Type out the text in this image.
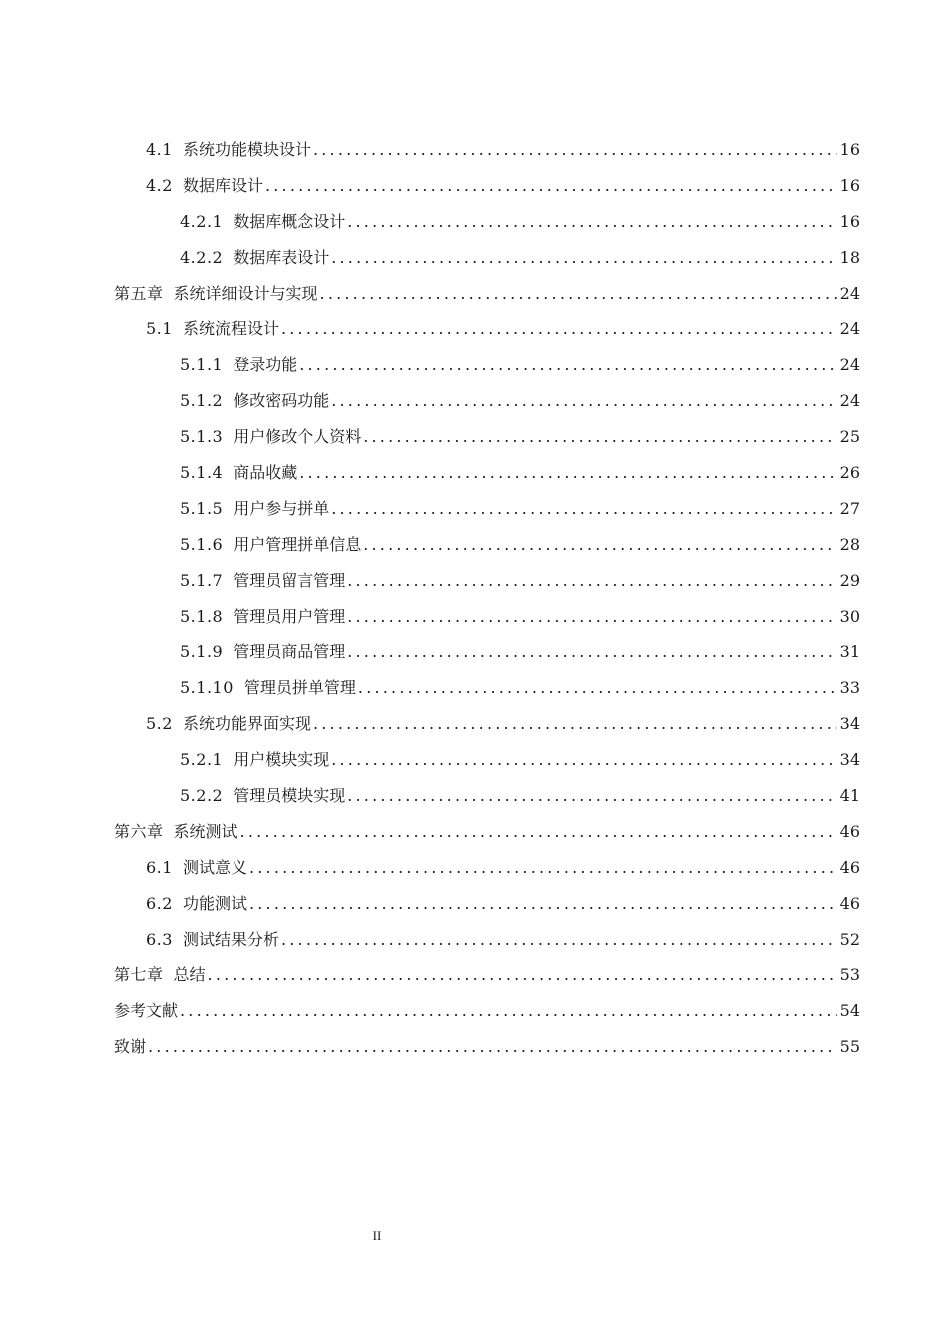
4.1 系统功能模块设计 .....	16
4.2 数据库设计 .....	16
4.2.1 数据库概念设计 .....	16
4.2.2 数据库表设计 .....	18
第五章 系统详细设计与实现 .....	24
5.1 系统流程设计 .....	24
5.1.1 登录功能 .....	24
5.1.2 修改密码功能 .....	24
5.1.3 用户修改个人资料 .....	25
5.1.4 商品收藏 .....	26
5.1.5 用户参与拼单 .....	27
5.1.6 用户管理拼单信息 .....	28
5.1.7 管理员留言管理 .....	29
5.1.8 管理员用户管理 .....	30
5.1.9 管理员商品管理 .....	31
5.1.10 管理员拼单管理 .....	33
5.2 系统功能界面实现 .....	34
5.2.1 用户模块实现 .....	34
5.2.2 管理员模块实现 .....	41
第六章 系统测试 .....	46
6.1 测试意义 .....	46
6.2 功能测试 .....	46
6.3 测试结果分析 .....	52
第七章 总结 .....	53
参考文献 .....	54
致谢 .....	55
II
